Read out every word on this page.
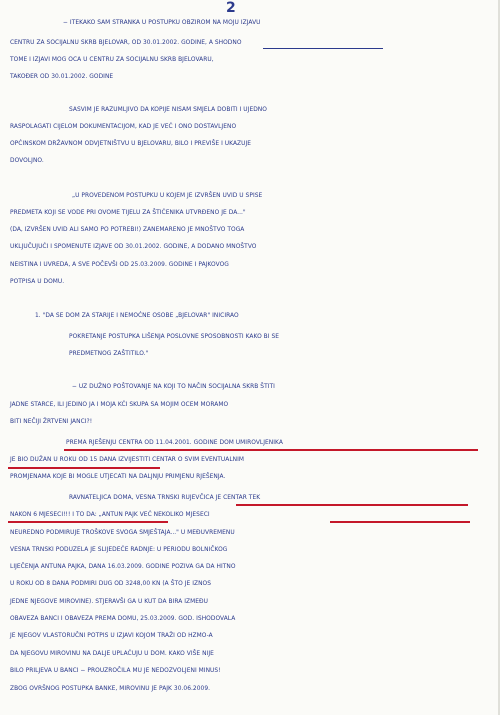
2
− ITEKAKO SAM STRANKA U POSTUPKU OBZIROM NA MOJU IZJAVU
CENTRU ZA SOCIJALNU SKRB BJELOVAR, OD 30.01.2002. GODINE, A SHODNO
TOME I IZJAVI MOG OCA U CENTRU ZA SOCIJALNU SKRB BJELOVARU,
TAKOĐER OD 30.01.2002. GODINE
SASVIM JE RAZUMLJIVO DA KOPIJE NISAM SMJELA DOBITI I UJEDNO
RASPOLAGATI CIJELOM DOKUMENTACIJOM, KAD JE VEĆ I ONO DOSTAVLJENO
OPĆINSKOM DRŽAVNOM ODVJETNIŠTVU U BJELOVARU, BILO I PREVIŠE I UKAZUJE
DOVOLJNO.
„U PROVEDENOM POSTUPKU U KOJEM JE IZVRŠEN UVID U SPISE
PREDMETA KOJI SE VODE PRI OVOME TIJELU ZA ŠTIĆENIKA UTVRĐENO JE DA..."
(DA, IZVRŠEN UVID ALI SAMO PO POTREBI!) ZANEMARENO JE MNOŠTVO TOGA
UKLJUČUJUĆI I SPOMENUTE IZJAVE OD 30.01.2002. GODINE, A DODANO MNOŠTVO
NEISTINA I UVREDA, A SVE POČEVŠI OD 25.03.2009. GODINE I PAJKOVOG
POTPISA U DOMU.
1. "DA SE DOM ZA STARIJE I NEMOĆNE OSOBE „BJELOVAR" INICIRAO
POKRETANJE POSTUPKA LIŠENJA POSLOVNE SPOSOBNOSTI KAKO BI SE
PREDMETNOG ZAŠTITILO."
− UZ DUŽNO POŠTOVANJE NA KOJI TO NAČIN SOCIJALNA SKRB ŠTITI
JADNE STARCE, ILI JEDINO JA I MOJA KĆI SKUPA SA MOJIM OCEM MORAMO
BITI NEČIJI ŽRTVENI JANCI?!
PREMA RJEŠENJU CENTRA OD 11.04.2001. GODINE DOM UMIROVLJENIKA
JE BIO DUŽAN U ROKU OD 15 DANA IZVIJESTITI CENTAR O SVIM EVENTUALNIM
PROMJENAMA KOJE BI MOGLE UTJECATI NA DALJNJU PRIMJENU RJEŠENJA.
RAVNATELJICA DOMA, VESNA TRNSKI RUJEVČICA JE CENTAR TEK
NAKON 6 MJESECI!!! I TO DA: „ANTUN PAJK VEĆ NEKOLIKO MJESECI
NEUREDNO PODMIRUJE TROŠKOVE SVOGA SMJEŠTAJA..." U MEĐUVREMENU
VESNA TRNSKI PODUZELA JE SLIJEDEĆE RADNJE: U PERIODU BOLNIČKOG
LIJEČENJA ANTUNA PAJKA, DANA 16.03.2009. GODINE POZIVA GA DA HITNO
U ROKU OD 8 DANA PODMIRI DUG OD 3248,00 KN (A ŠTO JE IZNOS
JEDNE NJEGOVE MIROVINE). STJERAVŠI GA U KUT DA BIRA IZMEĐU
OBAVEZA BANCI I OBAVEZA PREMA DOMU, 25.03.2009. GOD. ISHODOVALA
JE NJEGOV VLASTORUČNI POTPIS U IZJAVI KOJOM TRAŽI OD HZMO-A
DA NJEGOVU MIROVINU NA DALJE UPLAĆUJU U DOM. KAKO VIŠE NIJE
BILO PRILJEVA U BANCI − PROUZROČILA MU JE NEDOZVOLJENI MINUS!
ZBOG OVRŠNOG POSTUPKA BANKE, MIROVINU JE PAJK 30.06.2009.
